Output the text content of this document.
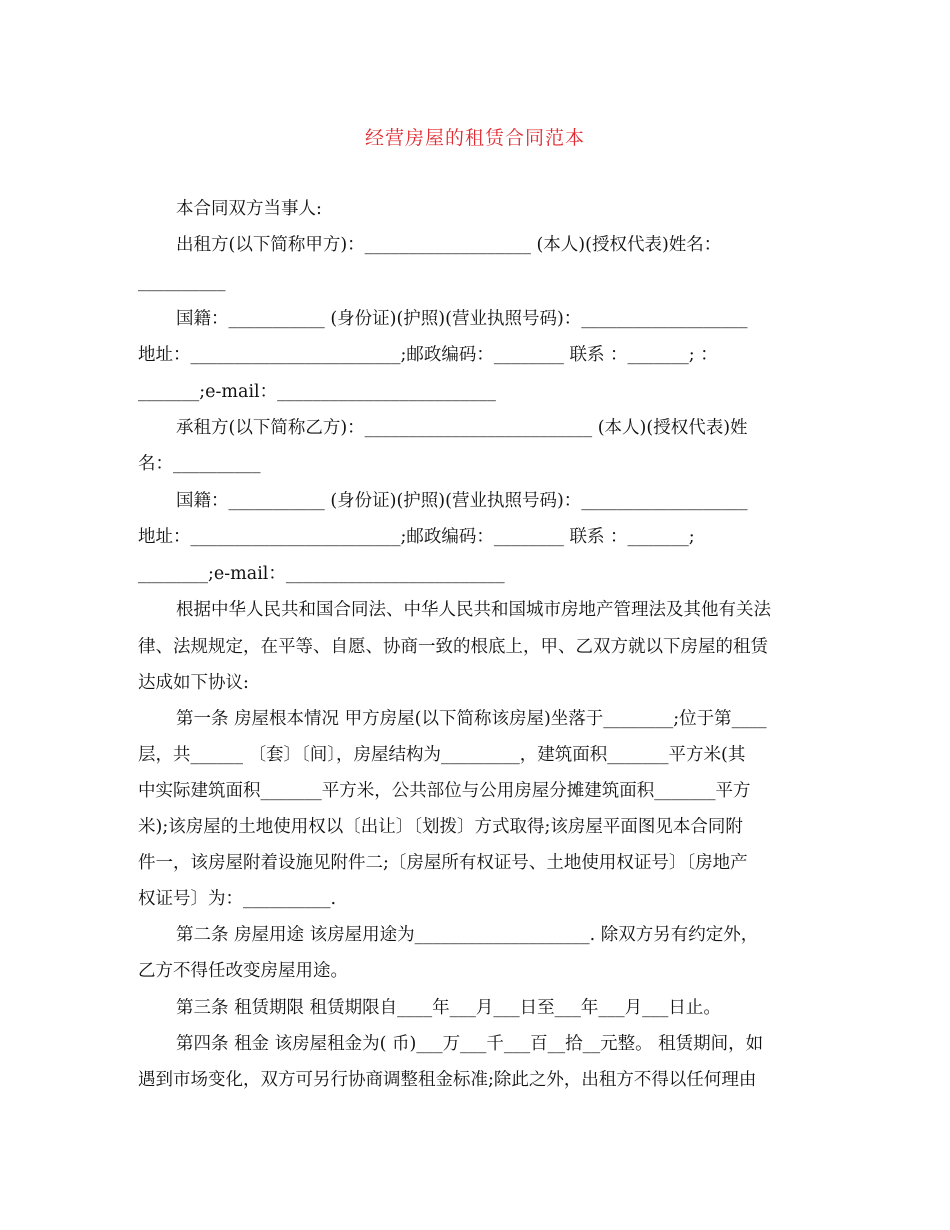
经营房屋的租赁合同范本
本合同双方当事人:
出租方(以下简称甲方)：___________________ (本人)(授权代表)姓名：
__________
国籍：___________ (身份证)(护照)(营业执照号码)：___________________
地址：________________________;邮政编码：________ 联系 ：_______; ：
_______;e-mail：_________________________
承租方(以下简称乙方)：__________________________ (本人)(授权代表)姓
名：__________
国籍：___________ (身份证)(护照)(营业执照号码)：___________________
地址：________________________;邮政编码：________ 联系 ：_______;
________;e-mail：_________________________
根据中华人民共和国合同法、中华人民共和国城市房地产管理法及其他有关法
律、法规规定，在平等、自愿、协商一致的根底上，甲、乙双方就以下房屋的租赁
达成如下协议:
第一条 房屋根本情况 甲方房屋(以下简称该房屋)坐落于________;位于第____
层，共______ 〔套〕〔间〕，房屋结构为_________，建筑面积_______平方米(其
中实际建筑面积_______平方米，公共部位与公用房屋分摊建筑面积_______平方
米);该房屋的土地使用权以〔出让〕〔划拨〕方式取得;该房屋平面图见本合同附
件一，该房屋附着设施见附件二;〔房屋所有权证号、土地使用权证号〕〔房地产
权证号〕为：__________.
第二条 房屋用途 该房屋用途为____________________. 除双方另有约定外，
乙方不得任改变房屋用途。
第三条 租赁期限 租赁期限自____年___月___日至___年___月___日止。
第四条 租金 该房屋租金为( 币)___万___千___百__拾__元整。 租赁期间，如
遇到市场变化，双方可另行协商调整租金标准;除此之外，出租方不得以任何理由
